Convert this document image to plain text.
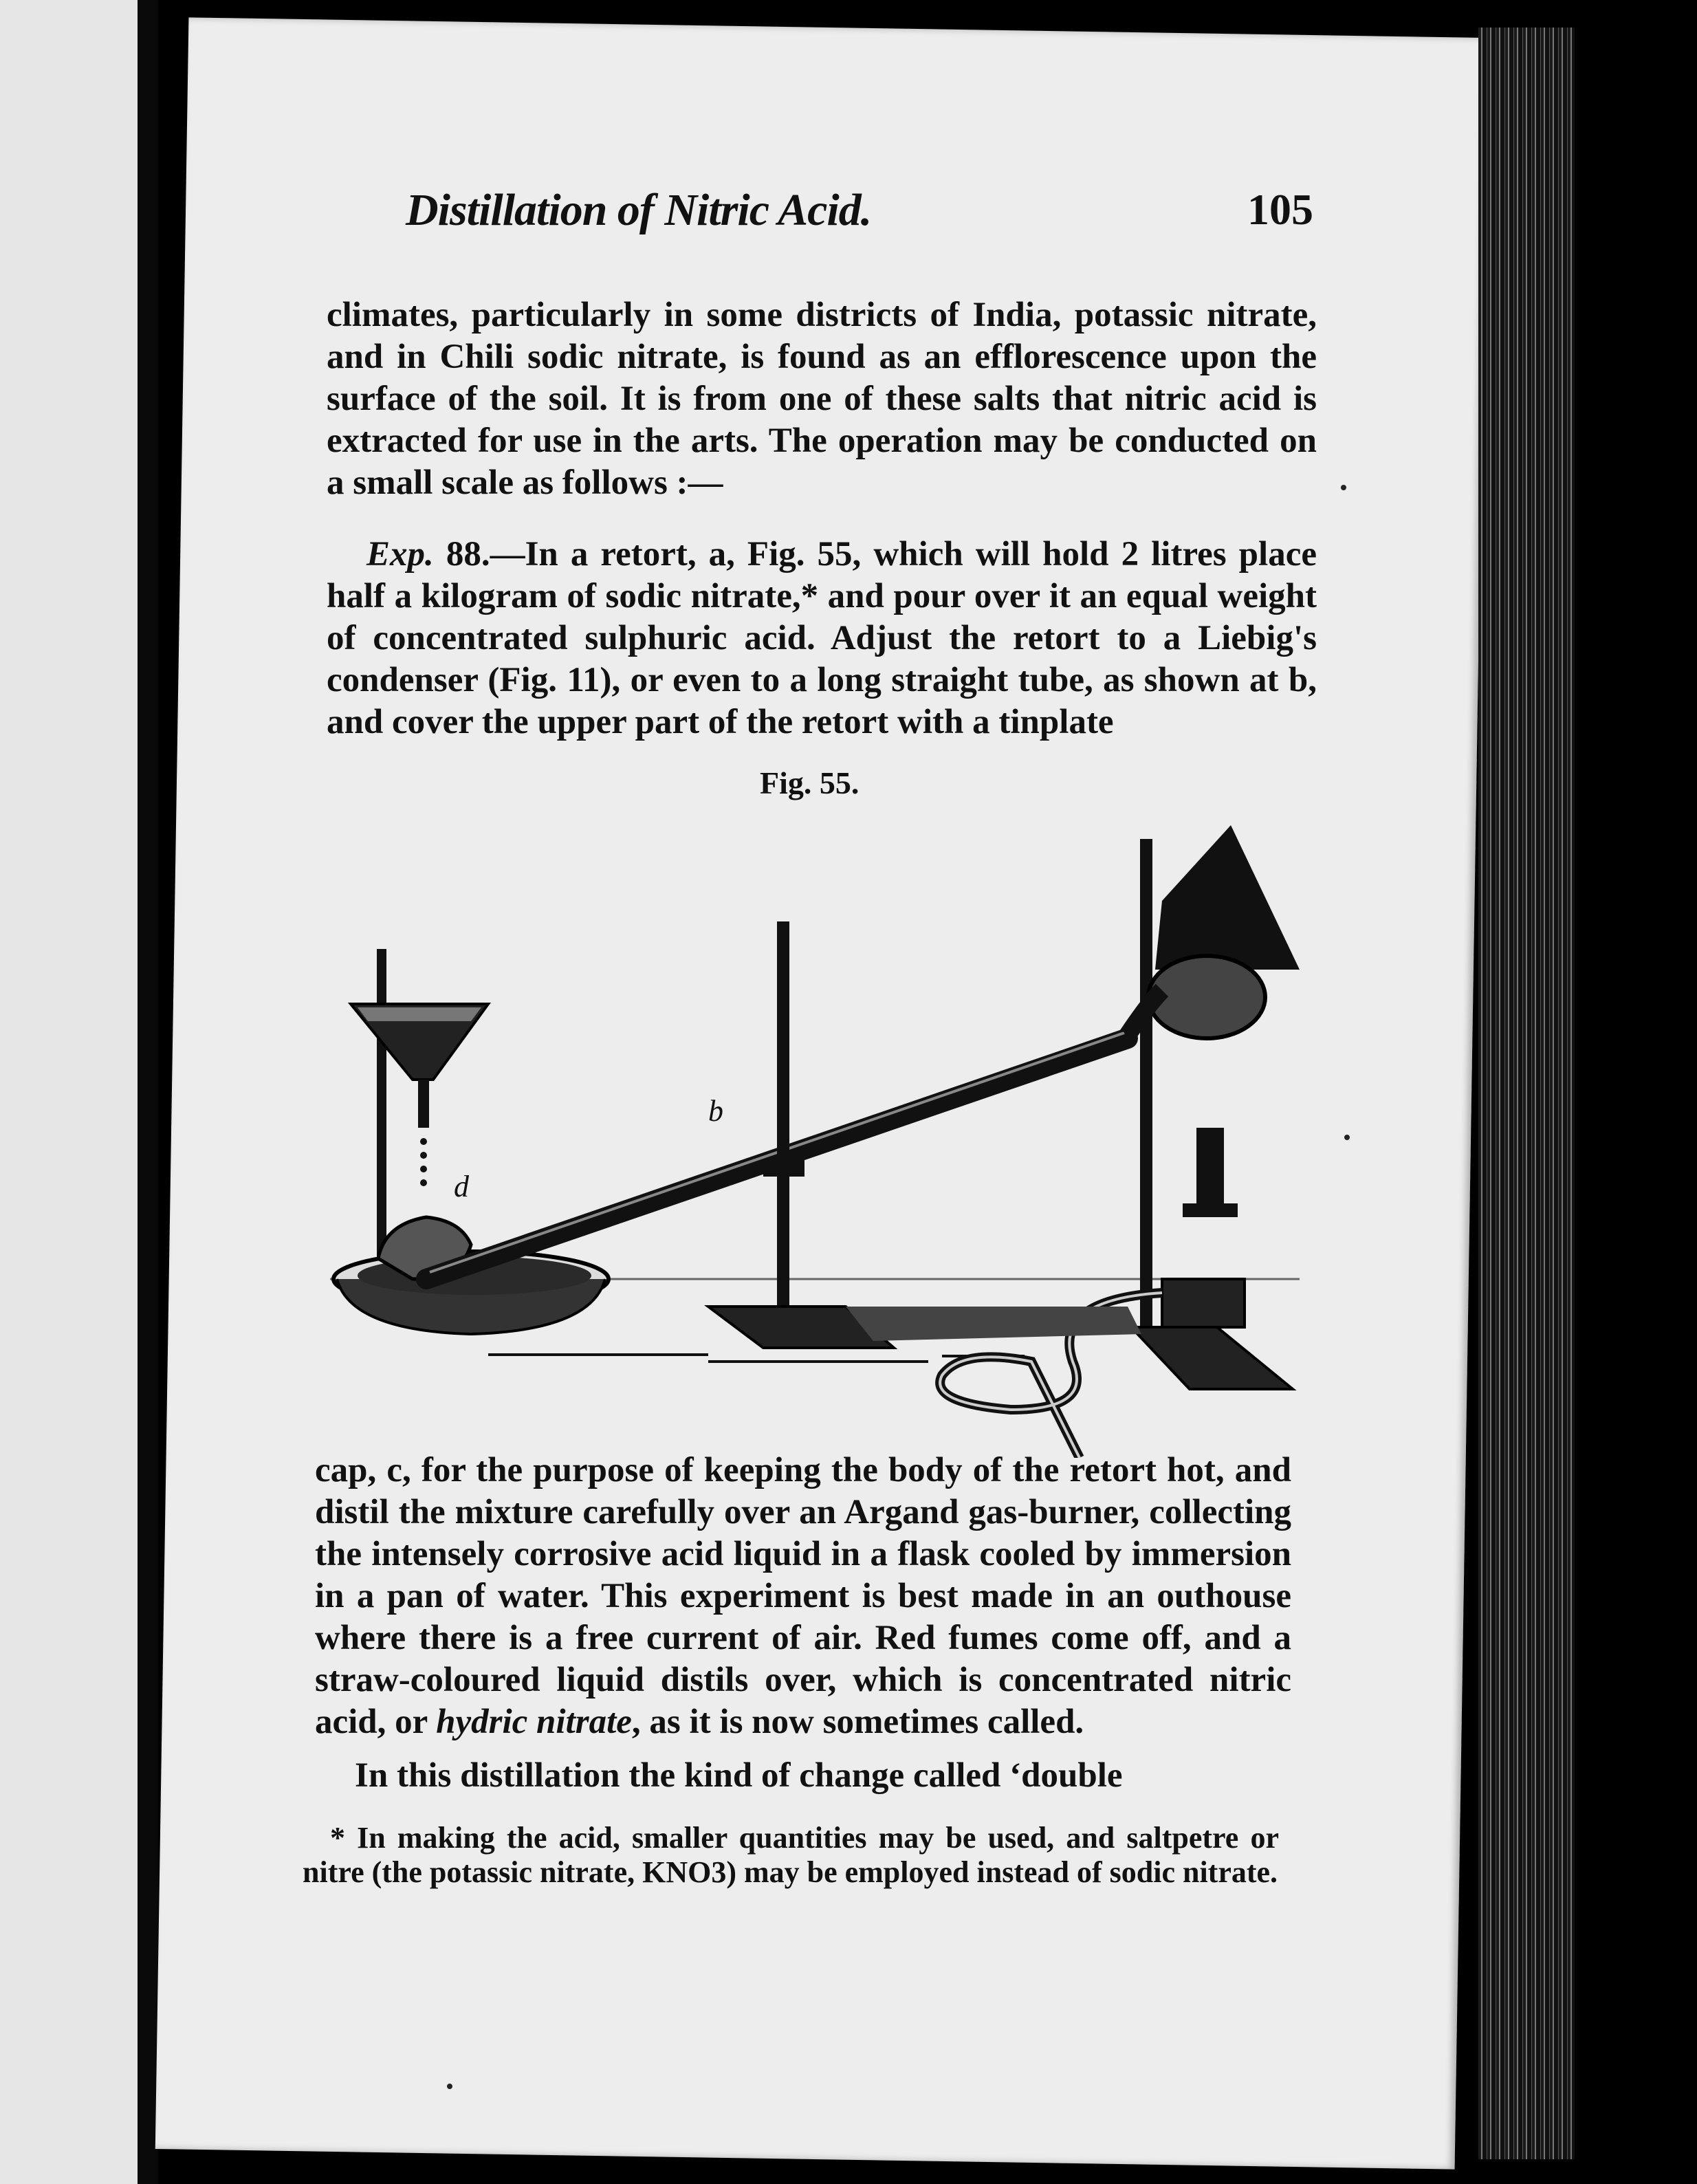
Distillation of Nitric Acid.	105

climates, particularly in some districts of India, potassic nitrate, and in Chili sodic nitrate, is found as an efflorescence upon the surface of the soil. It is from one of these salts that nitric acid is extracted for use in the arts. The operation may be conducted on a small scale as follows :—

Exp. 88.—In a retort, a, Fig. 55, which will hold 2 litres place half a kilogram of sodic nitrate,* and pour over it an equal weight of concentrated sulphuric acid. Adjust the retort to a Liebig's condenser (Fig. 11), or even to a long straight tube, as shown at b, and cover the upper part of the retort with a tinplate

Fig. 55.
d
b

cap, c, for the purpose of keeping the body of the retort hot, and distil the mixture carefully over an Argand gas-burner, collecting the intensely corrosive acid liquid in a flask cooled by immersion in a pan of water. This experiment is best made in an outhouse where there is a free current of air. Red fumes come off, and a straw-coloured liquid distils over, which is concentrated nitric acid, or hydric nitrate, as it is now sometimes called.

In this distillation the kind of change called ‘double

* In making the acid, smaller quantities may be used, and saltpetre or nitre (the potassic nitrate, KNO3) may be employed instead of sodic nitrate.
